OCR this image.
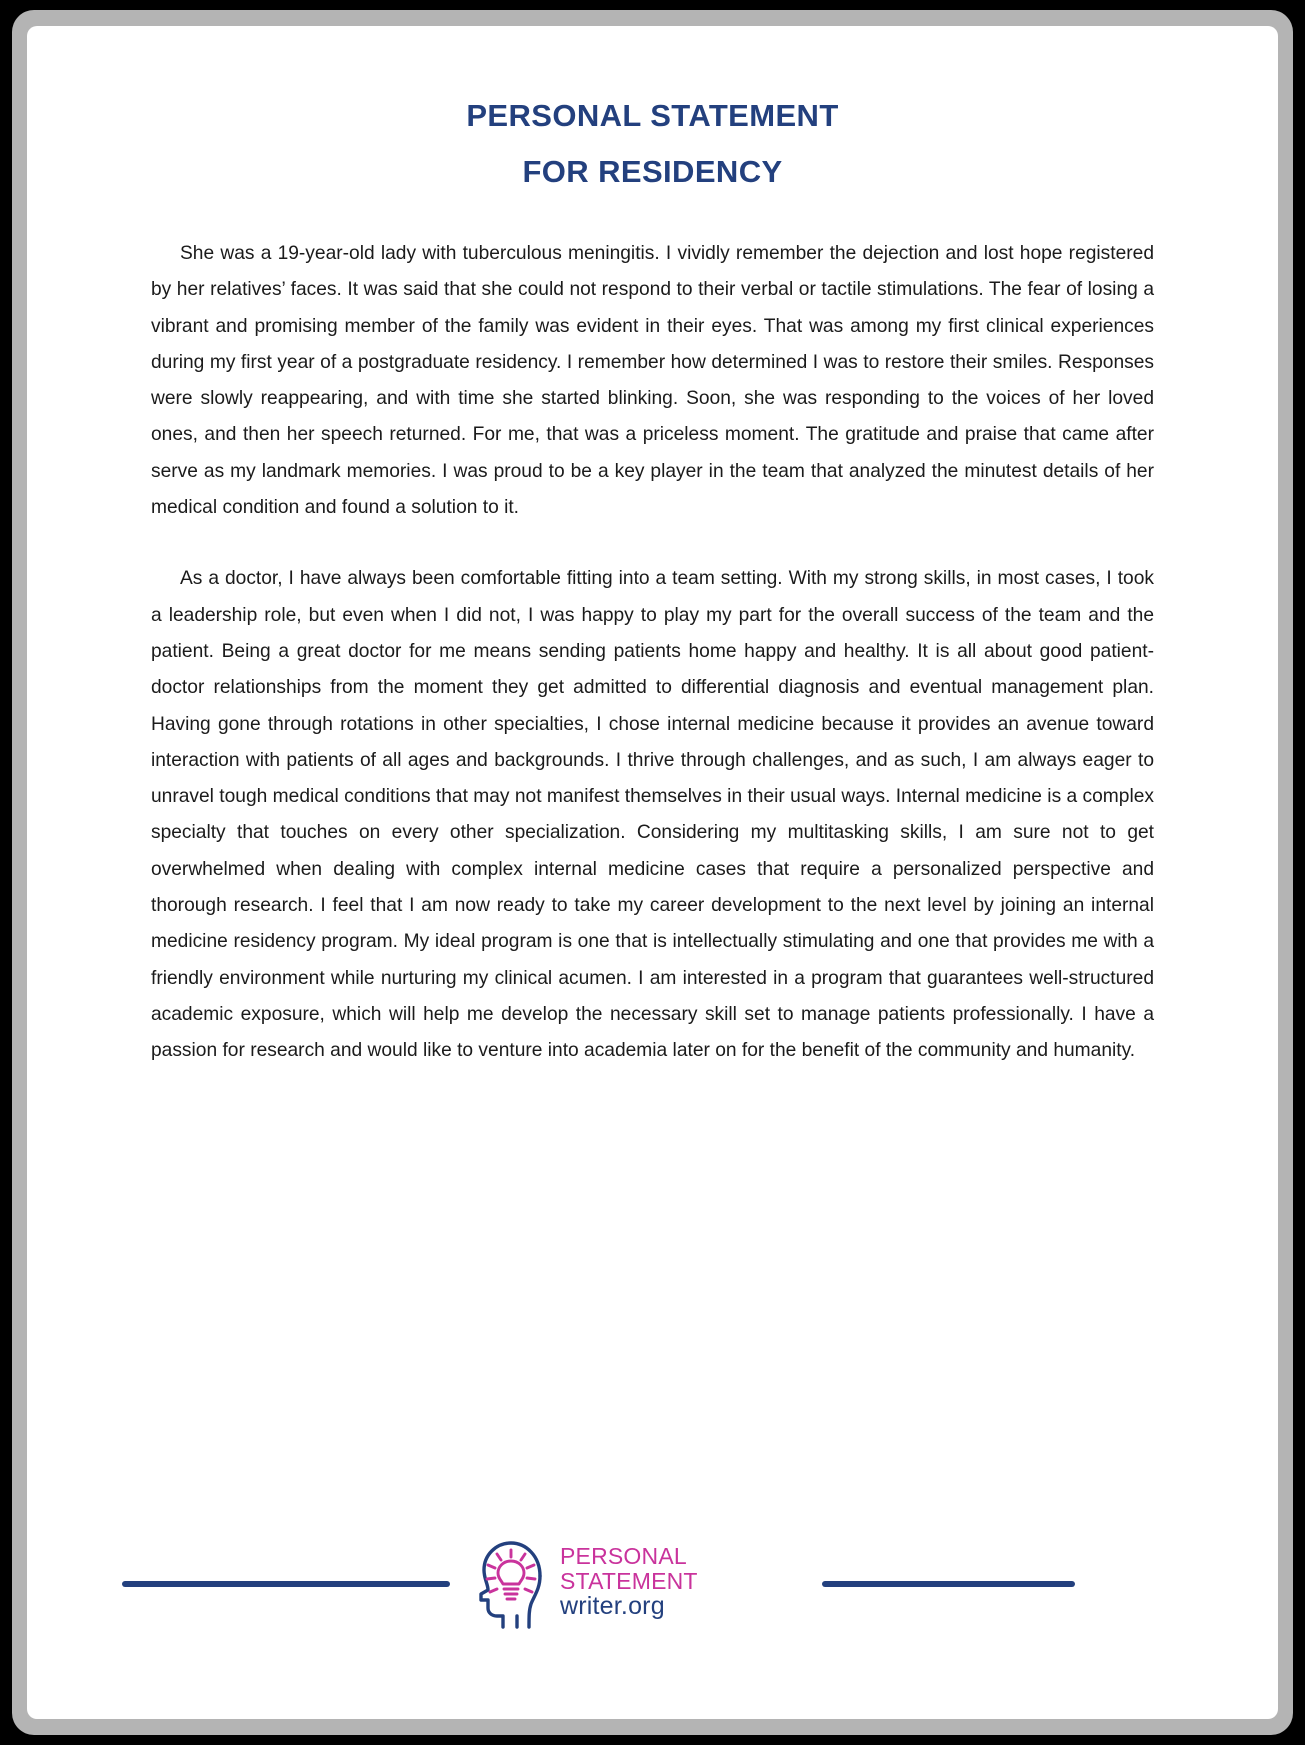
PERSONAL STATEMENT
FOR RESIDENCY

She was a 19-year-old lady with tuberculous meningitis. I vividly remember the dejection and lost hope registered by her relatives’ faces. It was said that she could not respond to their verbal or tactile stimulations. The fear of losing a vibrant and promising member of the family was evident in their eyes. That was among my first clinical experiences during my first year of a postgraduate residency. I remember how determined I was to restore their smiles. Responses were slowly reappearing, and with time she started blinking. Soon, she was responding to the voices of her loved ones, and then her speech returned. For me, that was a priceless moment. The gratitude and praise that came after serve as my landmark memories. I was proud to be a key player in the team that analyzed the minutest details of her medical condition and found a solution to it.

As a doctor, I have always been comfortable fitting into a team setting. With my strong skills, in most cases, I took a leadership role, but even when I did not, I was happy to play my part for the overall success of the team and the patient. Being a great doctor for me means sending patients home happy and healthy. It is all about good patient-doctor relationships from the moment they get admitted to differential diagnosis and eventual management plan. Having gone through rotations in other specialties, I chose internal medicine because it provides an avenue toward interaction with patients of all ages and backgrounds. I thrive through challenges, and as such, I am always eager to unravel tough medical conditions that may not manifest themselves in their usual ways. Internal medicine is a complex specialty that touches on every other specialization. Considering my multitasking skills, I am sure not to get overwhelmed when dealing with complex internal medicine cases that require a personalized perspective and thorough research. I feel that I am now ready to take my career development to the next level by joining an internal medicine residency program. My ideal program is one that is intellectually stimulating and one that provides me with a friendly environment while nurturing my clinical acumen. I am interested in a program that guarantees well-structured academic exposure, which will help me develop the necessary skill set to manage patients professionally. I have a passion for research and would like to venture into academia later on for the benefit of the community and humanity.

PERSONAL
STATEMENT
writer.org
